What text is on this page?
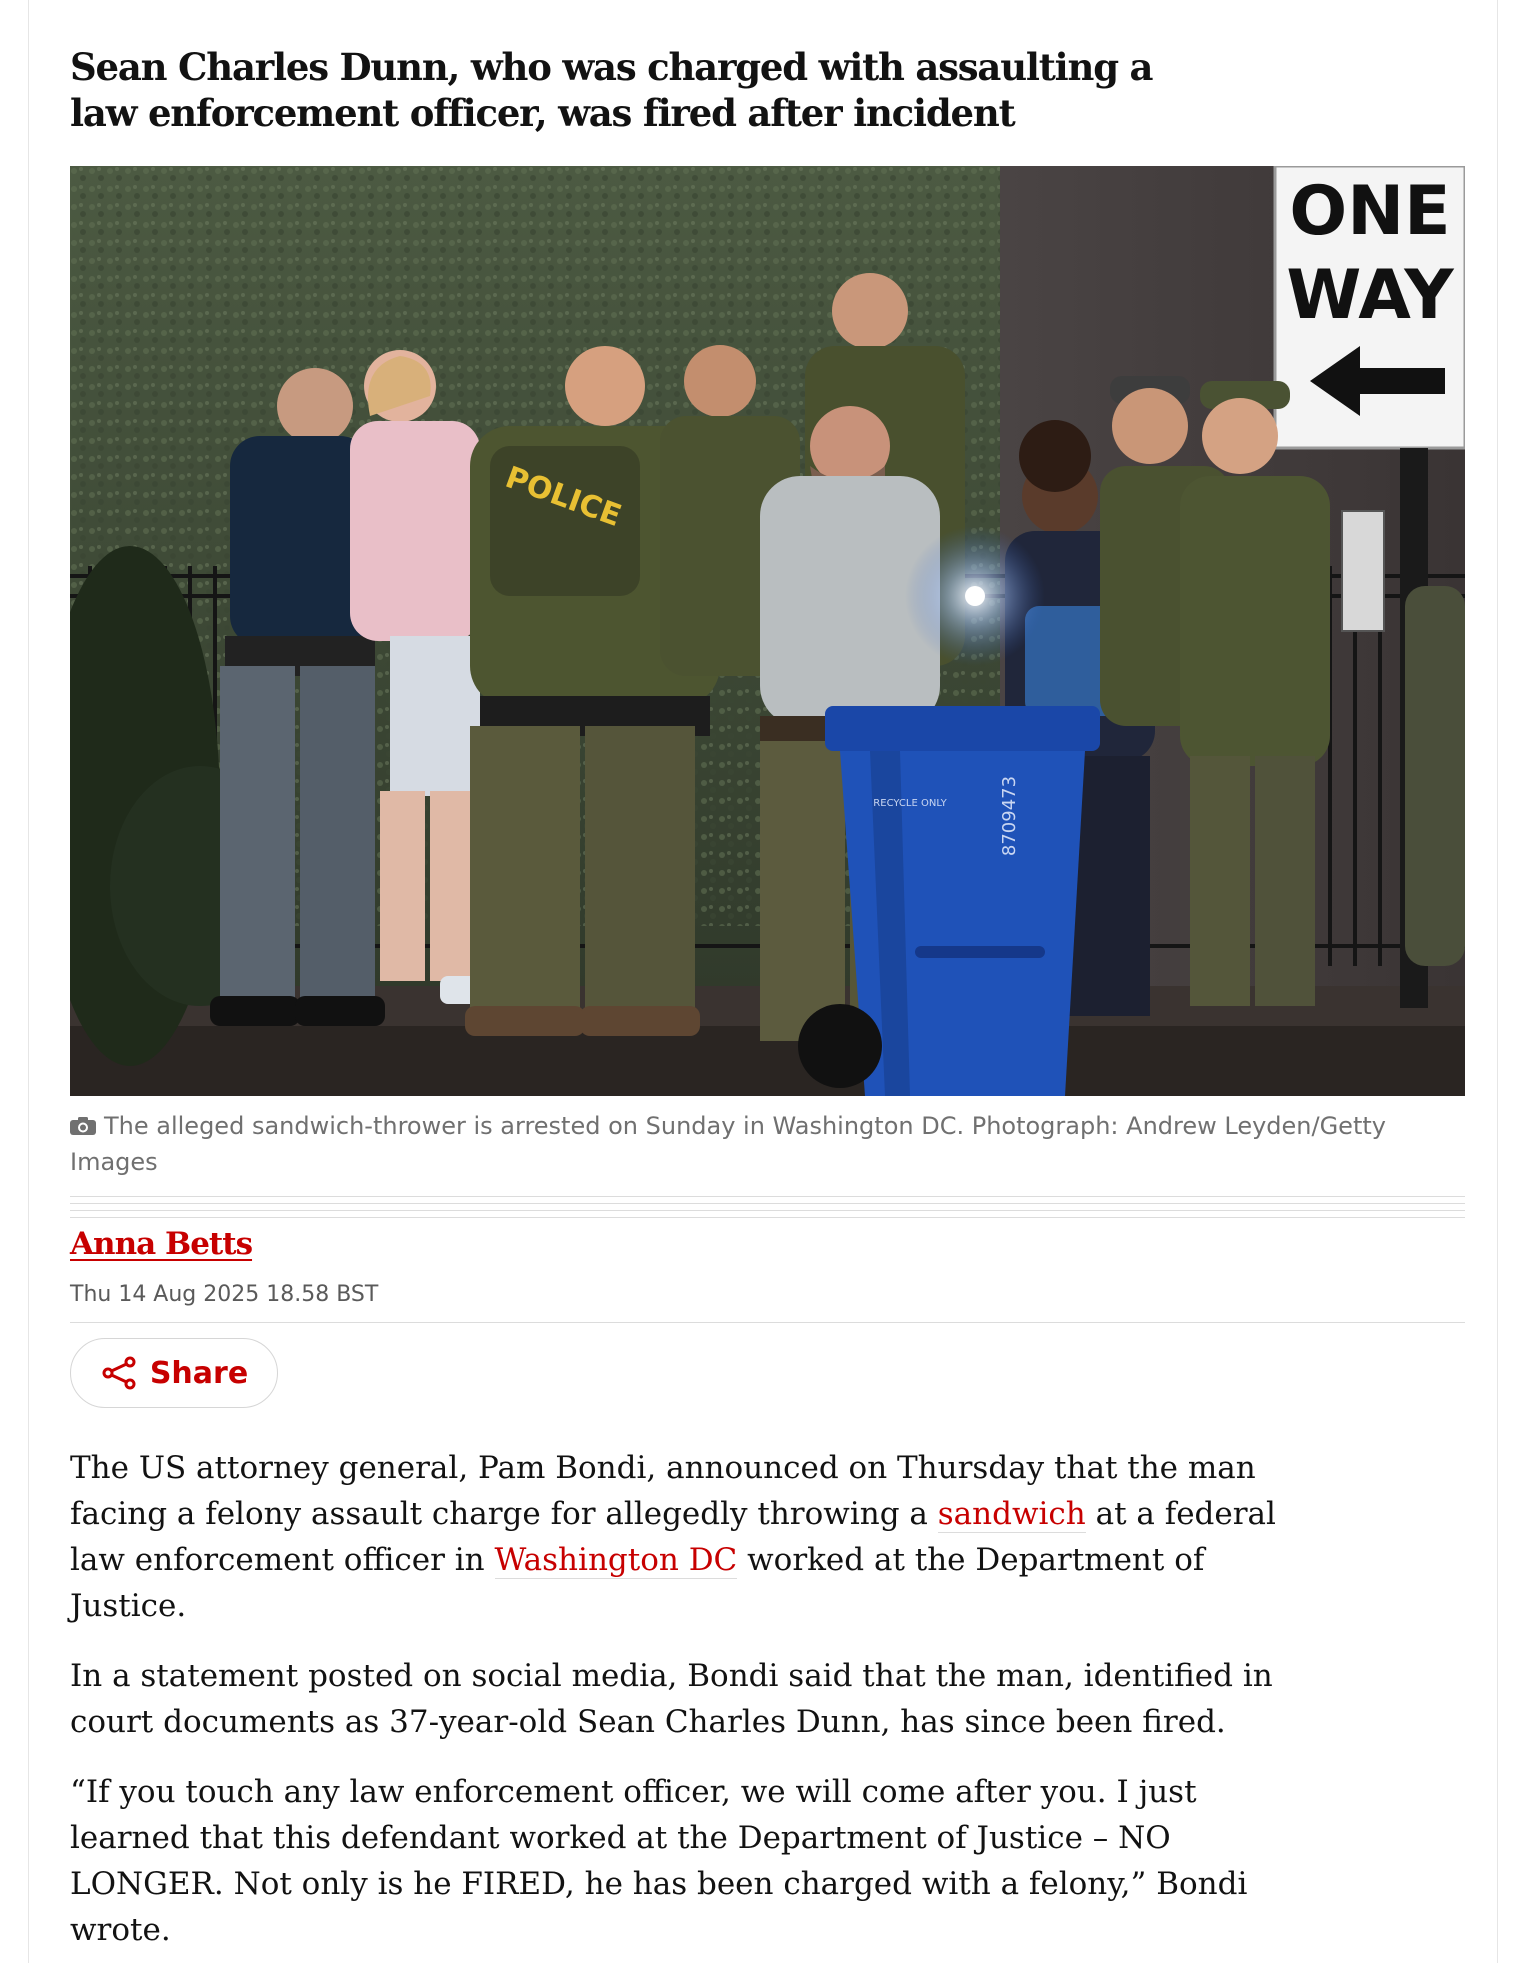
Sean Charles Dunn, who was charged with assaulting a law enforcement officer, was fired after incident
ONE
WAY
POLICE
RECYCLE ONLY	8709473
The alleged sandwich-thrower is arrested on Sunday in Washington DC. Photograph: Andrew Leyden/Getty Images
Anna Betts
Thu 14 Aug 2025 18.58 BST
Share

The US attorney general, Pam Bondi, announced on Thursday that the man facing a felony assault charge for allegedly throwing a sandwich at a federal law enforcement officer in Washington DC worked at the Department of Justice.

In a statement posted on social media, Bondi said that the man, identified in court documents as 37-year-old Sean Charles Dunn, has since been fired.

“If you touch any law enforcement officer, we will come after you. I just learned that this defendant worked at the Department of Justice – NO LONGER. Not only is he FIRED, he has been charged with a felony,” Bondi wrote.
